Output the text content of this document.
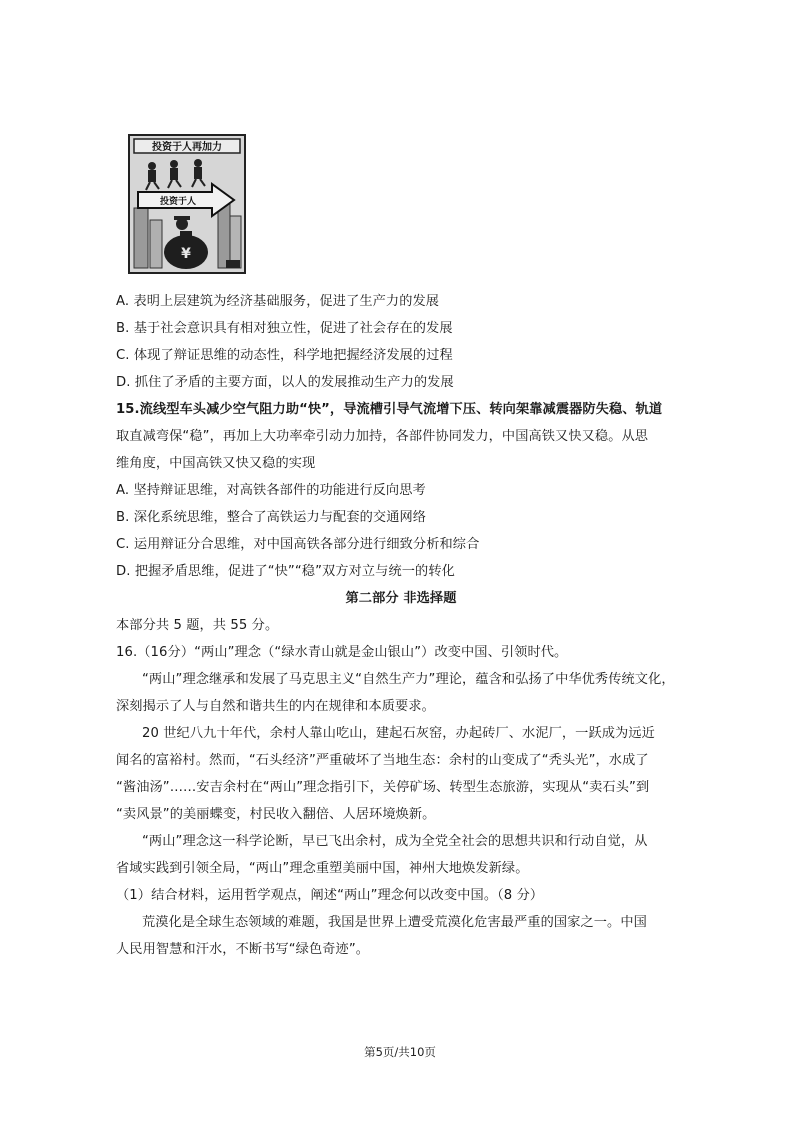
投资于人再加力
投资于人
¥
A. 表明上层建筑为经济基础服务，促进了生产力的发展
B. 基于社会意识具有相对独立性，促进了社会存在的发展
C. 体现了辩证思维的动态性，科学地把握经济发展的过程
D. 抓住了矛盾的主要方面，以人的发展推动生产力的发展
15.流线型车头减少空气阻力助“快”，导流槽引导气流增下压、转向架靠减震器防失稳、轨道
取直减弯保“稳”，再加上大功率牵引动力加持，各部件协同发力，中国高铁又快又稳。从思
维角度，中国高铁又快又稳的实现
A. 坚持辩证思维，对高铁各部件的功能进行反向思考
B. 深化系统思维，整合了高铁运力与配套的交通网络
C. 运用辩证分合思维，对中国高铁各部分进行细致分析和综合
D. 把握矛盾思维，促进了“快”“稳”双方对立与统一的转化
第二部分 非选择题
本部分共 5 题，共 55 分。
16.（16分）“两山”理念（“绿水青山就是金山银山”）改变中国、引领时代。
“两山”理念继承和发展了马克思主义“自然生产力”理论，蕴含和弘扬了中华优秀传统文化，
深刻揭示了人与自然和谐共生的内在规律和本质要求。
20 世纪八九十年代，余村人靠山吃山，建起石灰窑，办起砖厂、水泥厂，一跃成为远近
闻名的富裕村。然而，“石头经济”严重破坏了当地生态：余村的山变成了“秃头光”，水成了
“酱油汤”……安吉余村在“两山”理念指引下，关停矿场、转型生态旅游，实现从“卖石头”到
“卖风景”的美丽蝶变，村民收入翻倍、人居环境焕新。
“两山”理念这一科学论断，早已飞出余村，成为全党全社会的思想共识和行动自觉，从
省域实践到引领全局，“两山”理念重塑美丽中国，神州大地焕发新绿。
（1）结合材料，运用哲学观点，阐述“两山”理念何以改变中国。（8 分）
荒漠化是全球生态领域的难题，我国是世界上遭受荒漠化危害最严重的国家之一。中国
人民用智慧和汗水，不断书写“绿色奇迹”。
第5页/共10页
